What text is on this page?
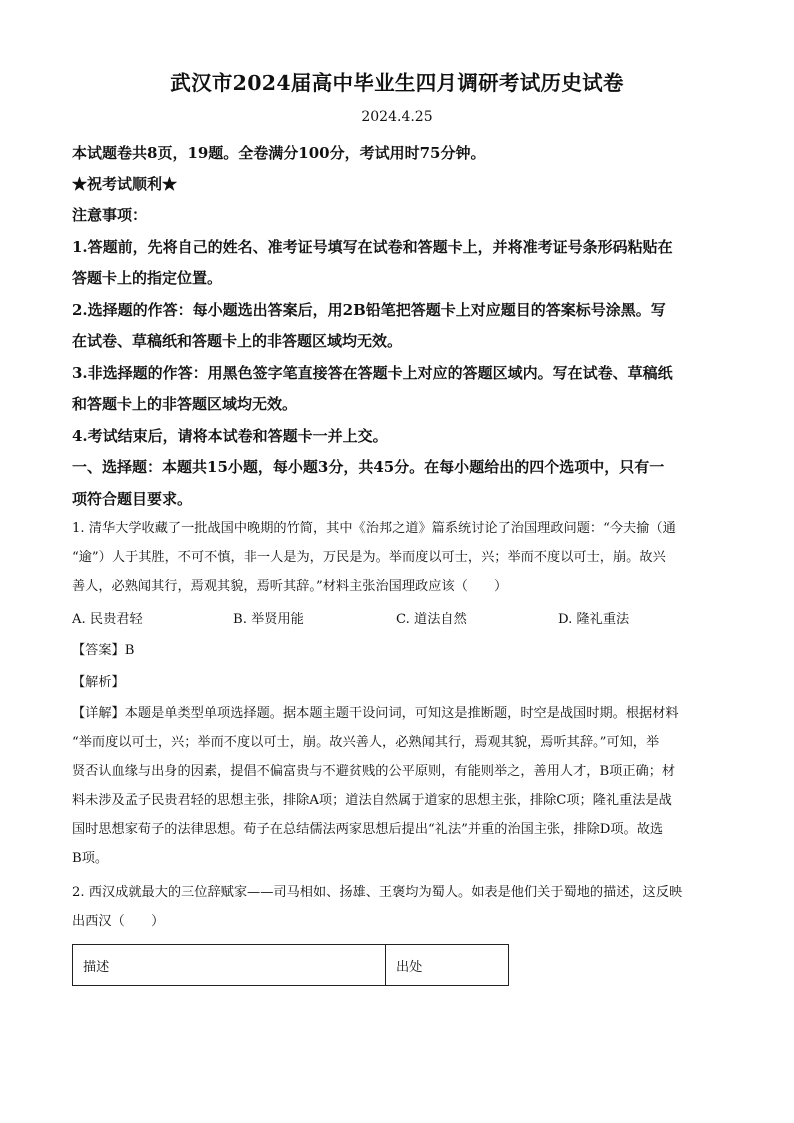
武汉市2024届高中毕业生四月调研考试历史试卷
2024.4.25
本试题卷共8页，19题。全卷满分100分，考试用时75分钟。
★祝考试顺利★
注意事项：
1.答题前，先将自己的姓名、准考证号填写在试卷和答题卡上，并将准考证号条形码粘贴在
答题卡上的指定位置。
2.选择题的作答：每小题选出答案后，用2B铅笔把答题卡上对应题目的答案标号涂黑。写
在试卷、草稿纸和答题卡上的非答题区域均无效。
3.非选择题的作答：用黑色签字笔直接答在答题卡上对应的答题区域内。写在试卷、草稿纸
和答题卡上的非答题区域均无效。
4.考试结束后，请将本试卷和答题卡一并上交。
一、选择题：本题共15小题，每小题3分，共45分。在每小题给出的四个选项中，只有一
项符合题目要求。
1. 清华大学收藏了一批战国中晚期的竹简，其中《治邦之道》篇系统讨论了治国理政问题：“今夫揄（通
“逾”）人于其胜，不可不慎，非一人是为，万民是为。举而度以可士，兴；举而不度以可士，崩。故兴
善人，必熟闻其行，焉观其貌，焉听其辞。”材料主张治国理政应该（　　）
A. 民贵君轻	B. 举贤用能	C. 道法自然	D. 隆礼重法
【答案】B
【解析】
【详解】本题是单类型单项选择题。据本题主题干设问词，可知这是推断题，时空是战国时期。根据材料
“举而度以可士，兴；举而不度以可士，崩。故兴善人，必熟闻其行，焉观其貌，焉听其辞。”可知，举
贤否认血缘与出身的因素，提倡不偏富贵与不避贫贱的公平原则，有能则举之，善用人才，B项正确；材
料未涉及孟子民贵君轻的思想主张，排除A项；道法自然属于道家的思想主张，排除C项；隆礼重法是战
国时思想家荀子的法律思想。荀子在总结儒法两家思想后提出“礼法”并重的治国主张，排除D项。故选
B项。
2. 西汉成就最大的三位辞赋家——司马相如、扬雄、王褒均为蜀人。如表是他们关于蜀地的描述，这反映
出西汉（　　）
描述	出处
